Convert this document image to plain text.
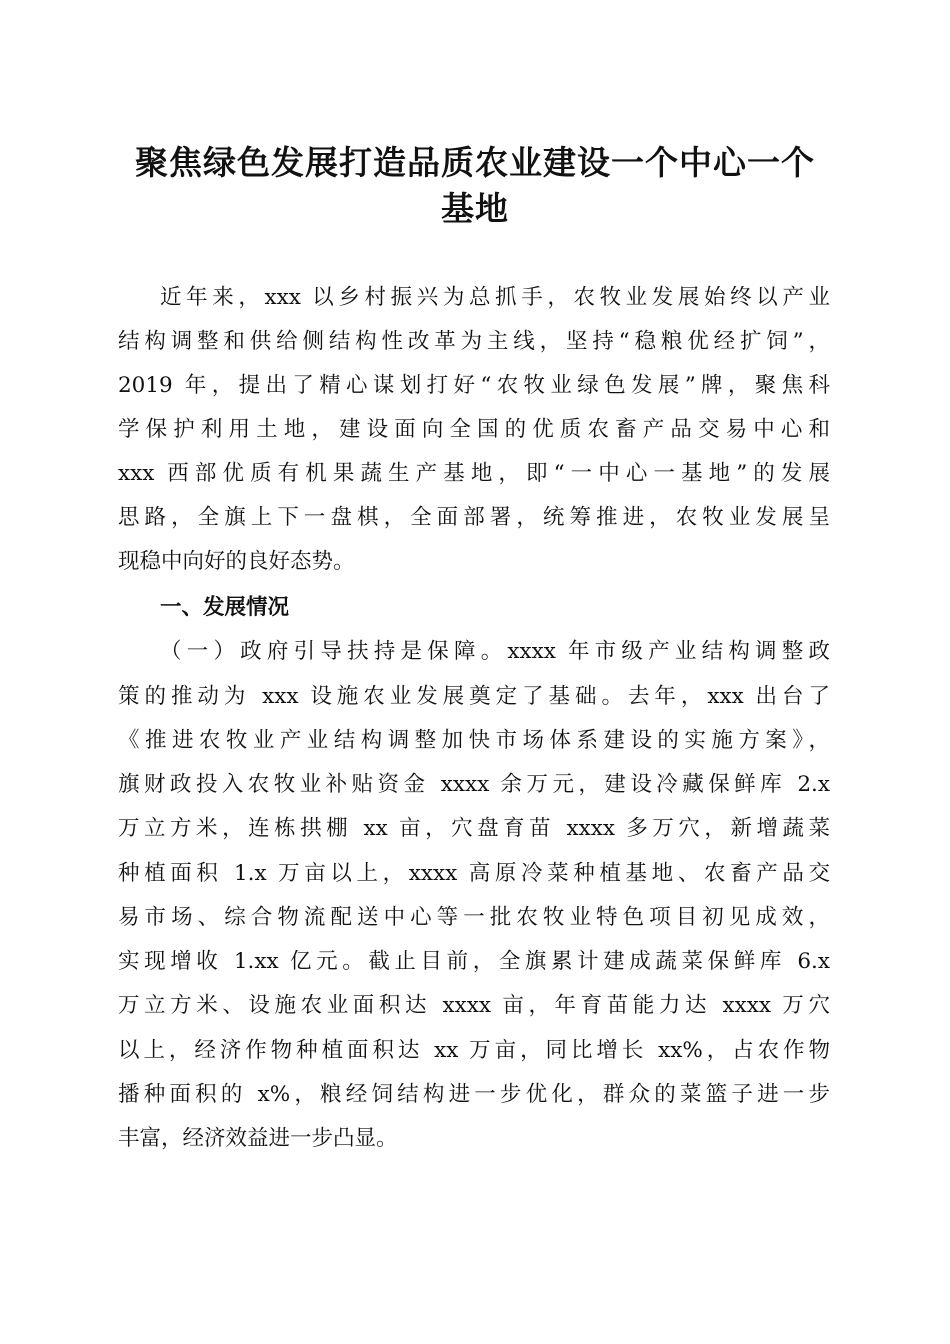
聚焦绿色发展打造品质农业建设一个中心一个
基地

近年来，xxx 以乡村振兴为总抓手，农牧业发展始终以产业

结构调整和供给侧结构性改革为主线，坚持“稳粮优经扩饲”，

2019 年，提出了精心谋划打好“农牧业绿色发展”牌，聚焦科

学保护利用土地，建设面向全国的优质农畜产品交易中心和

xxx 西部优质有机果蔬生产基地，即“一中心一基地”的发展

思路，全旗上下一盘棋，全面部署，统筹推进，农牧业发展呈

现稳中向好的良好态势。

一、发展情况

（一）政府引导扶持是保障。xxxx 年市级产业结构调整政

策的推动为 xxx 设施农业发展奠定了基础。去年，xxx 出台了

《推进农牧业产业结构调整加快市场体系建设的实施方案》，

旗财政投入农牧业补贴资金 xxxx 余万元，建设冷藏保鲜库 2.x

万立方米，连栋拱棚 xx 亩，穴盘育苗 xxxx 多万穴，新增蔬菜

种植面积 1.x 万亩以上，xxxx 高原冷菜种植基地、农畜产品交

易市场、综合物流配送中心等一批农牧业特色项目初见成效，

实现增收 1.xx 亿元。截止目前，全旗累计建成蔬菜保鲜库 6.x

万立方米、设施农业面积达 xxxx 亩，年育苗能力达 xxxx 万穴

以上，经济作物种植面积达 xx 万亩，同比增长 xx%，占农作物

播种面积的 x%，粮经饲结构进一步优化，群众的菜篮子进一步

丰富，经济效益进一步凸显。
